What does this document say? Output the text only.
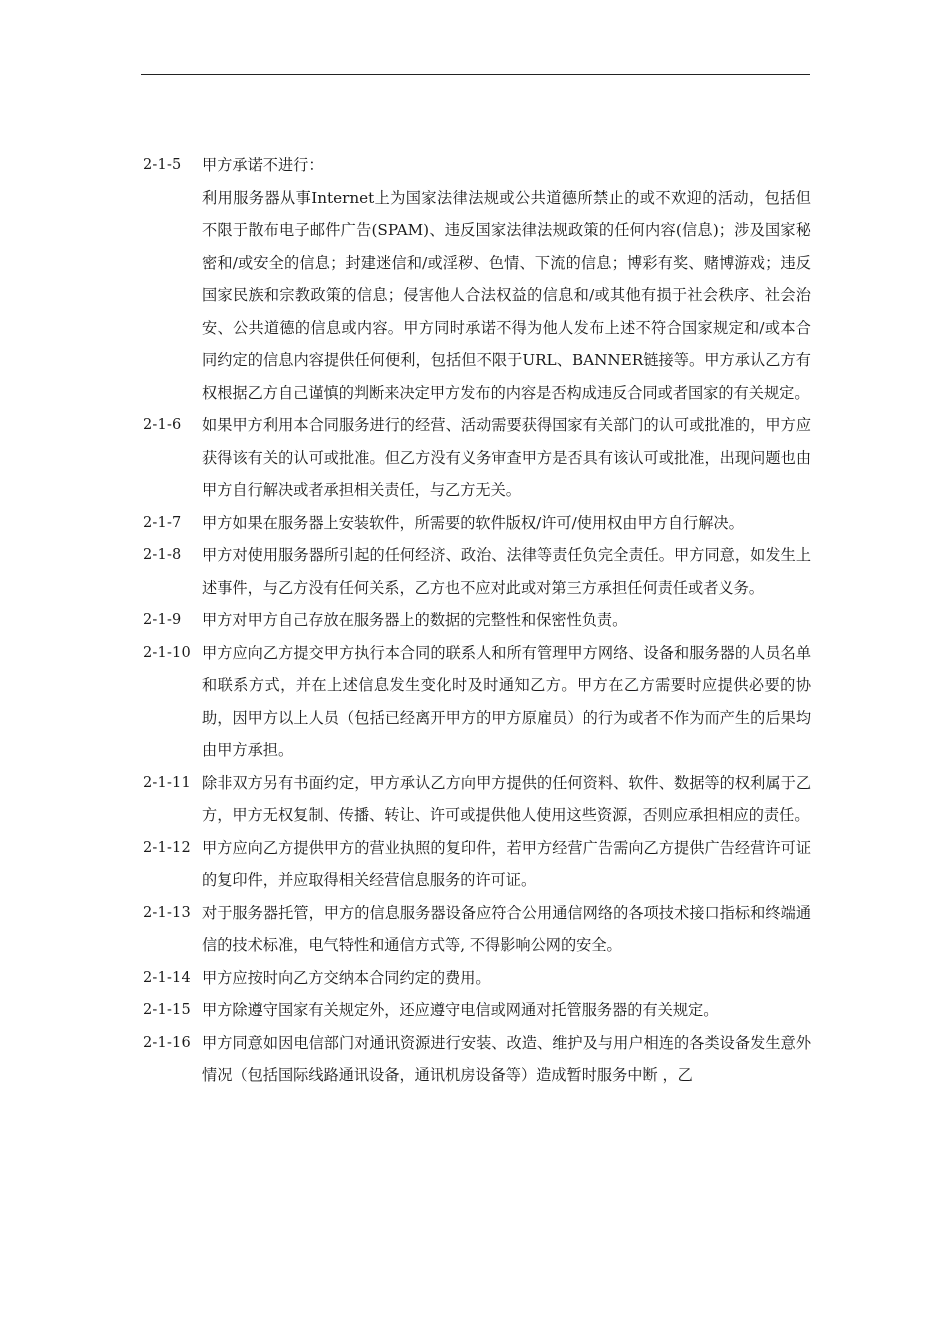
2-1-5	甲方承诺不进行：
利用服务器从事Internet上为国家法律法规或公共道德所禁止的或不欢迎的活动，包括但不限于散布电子邮件广告(SPAM)、违反国家法律法规政策的任何内容(信息)；涉及国家秘密和/或安全的信息；封建迷信和/或淫秽、色情、下流的信息；博彩有奖、赌博游戏；违反国家民族和宗教政策的信息；侵害他人合法权益的信息和/或其他有损于社会秩序、社会治安、公共道德的信息或内容。甲方同时承诺不得为他人发布上述不符合国家规定和/或本合同约定的信息内容提供任何便利，包括但不限于URL、BANNER链接等。甲方承认乙方有权根据乙方自己谨慎的判断来决定甲方发布的内容是否构成违反合同或者国家的有关规定。
2-1-6	如果甲方利用本合同服务进行的经营、活动需要获得国家有关部门的认可或批准的，甲方应获得该有关的认可或批准。但乙方没有义务审查甲方是否具有该认可或批准，出现问题也由甲方自行解决或者承担相关责任，与乙方无关。
2-1-7	甲方如果在服务器上安装软件，所需要的软件版权/许可/使用权由甲方自行解决。
2-1-8	甲方对使用服务器所引起的任何经济、政治、法律等责任负完全责任。甲方同意，如发生上述事件，与乙方没有任何关系，乙方也不应对此或对第三方承担任何责任或者义务。
2-1-9	甲方对甲方自己存放在服务器上的数据的完整性和保密性负责。
2-1-10 甲方应向乙方提交甲方执行本合同的联系人和所有管理甲方网络、设备和服务器的人员名单和联系方式，并在上述信息发生变化时及时通知乙方。甲方在乙方需要时应提供必要的协助，因甲方以上人员（包括已经离开甲方的甲方原雇员）的行为或者不作为而产生的后果均由甲方承担。
2-1-11 除非双方另有书面约定，甲方承认乙方向甲方提供的任何资料、软件、数据等的权利属于乙方，甲方无权复制、传播、转让、许可或提供他人使用这些资源，否则应承担相应的责任。
2-1-12 甲方应向乙方提供甲方的营业执照的复印件，若甲方经营广告需向乙方提供广告经营许可证的复印件，并应取得相关经营信息服务的许可证。
2-1-13 对于服务器托管，甲方的信息服务器设备应符合公用通信网络的各项技术接口指标和终端通信的技术标准，电气特性和通信方式等, 不得影响公网的安全。
2-1-14 甲方应按时向乙方交纳本合同约定的费用。
2-1-15 甲方除遵守国家有关规定外，还应遵守电信或网通对托管服务器的有关规定。
2-1-16 甲方同意如因电信部门对通讯资源进行安装、改造、维护及与用户相连的各类设备发生意外情况（包括国际线路通讯设备，通讯机房设备等）造成暂时服务中断 ，乙
